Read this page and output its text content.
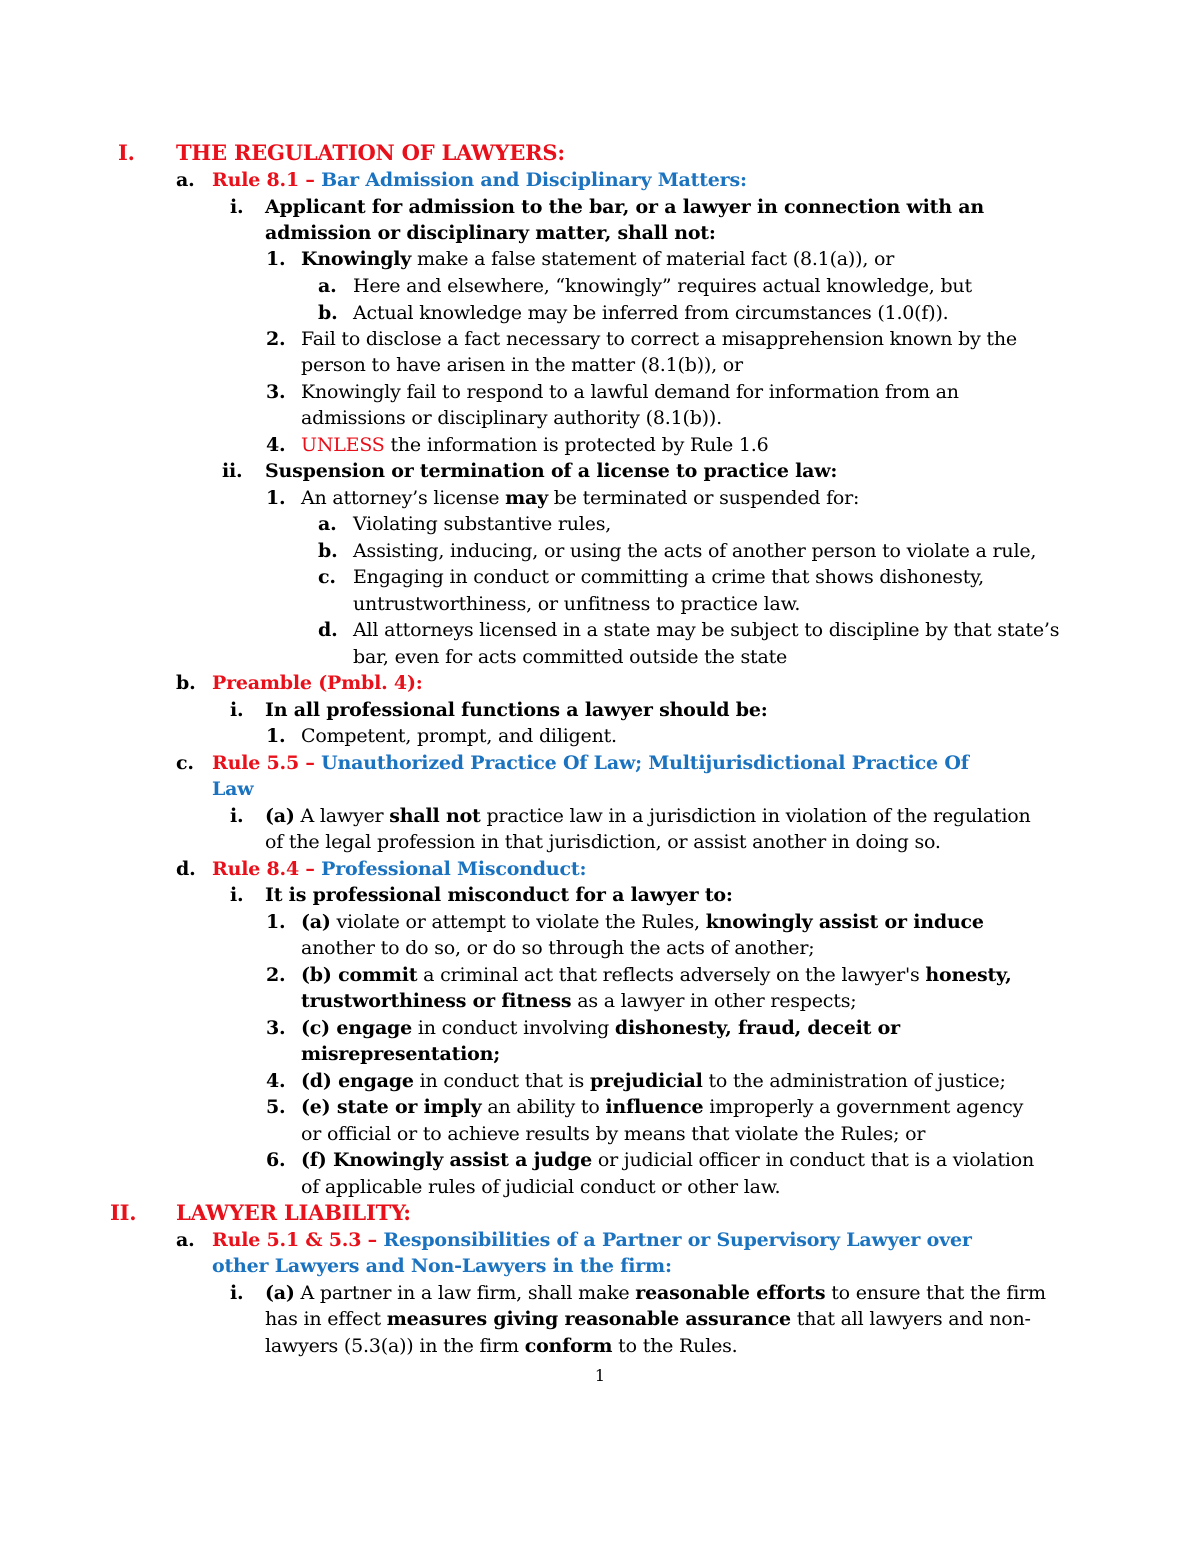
I. THE REGULATION OF LAWYERS:
a. Rule 8.1 – Bar Admission and Disciplinary Matters:
i. Applicant for admission to the bar, or a lawyer in connection with an
admission or disciplinary matter, shall not:
1. Knowingly make a false statement of material fact (8.1(a)), or
a. Here and elsewhere, “knowingly” requires actual knowledge, but
b. Actual knowledge may be inferred from circumstances (1.0(f)).
2. Fail to disclose a fact necessary to correct a misapprehension known by the
person to have arisen in the matter (8.1(b)), or
3. Knowingly fail to respond to a lawful demand for information from an
admissions or disciplinary authority (8.1(b)).
4. UNLESS the information is protected by Rule 1.6
ii. Suspension or termination of a license to practice law:
1. An attorney’s license may be terminated or suspended for:
a. Violating substantive rules,
b. Assisting, inducing, or using the acts of another person to violate a rule,
c. Engaging in conduct or committing a crime that shows dishonesty,
untrustworthiness, or unfitness to practice law.
d. All attorneys licensed in a state may be subject to discipline by that state’s
bar, even for acts committed outside the state
b. Preamble (Pmbl. 4):
i. In all professional functions a lawyer should be:
1. Competent, prompt, and diligent.
c. Rule 5.5 – Unauthorized Practice Of Law; Multijurisdictional Practice Of
Law
i. (a) A lawyer shall not practice law in a jurisdiction in violation of the regulation
of the legal profession in that jurisdiction, or assist another in doing so.
d. Rule 8.4 – Professional Misconduct:
i. It is professional misconduct for a lawyer to:
1. (a) violate or attempt to violate the Rules, knowingly assist or induce
another to do so, or do so through the acts of another;
2. (b) commit a criminal act that reflects adversely on the lawyer's honesty,
trustworthiness or fitness as a lawyer in other respects;
3. (c) engage in conduct involving dishonesty, fraud, deceit or
misrepresentation;
4. (d) engage in conduct that is prejudicial to the administration of justice;
5. (e) state or imply an ability to influence improperly a government agency
or official or to achieve results by means that violate the Rules; or
6. (f) Knowingly assist a judge or judicial officer in conduct that is a violation
of applicable rules of judicial conduct or other law.
II. LAWYER LIABILITY:
a. Rule 5.1 & 5.3 – Responsibilities of a Partner or Supervisory Lawyer over
other Lawyers and Non-Lawyers in the firm:
i. (a) A partner in a law firm, shall make reasonable efforts to ensure that the firm
has in effect measures giving reasonable assurance that all lawyers and non-
lawyers (5.3(a)) in the firm conform to the Rules.
1
